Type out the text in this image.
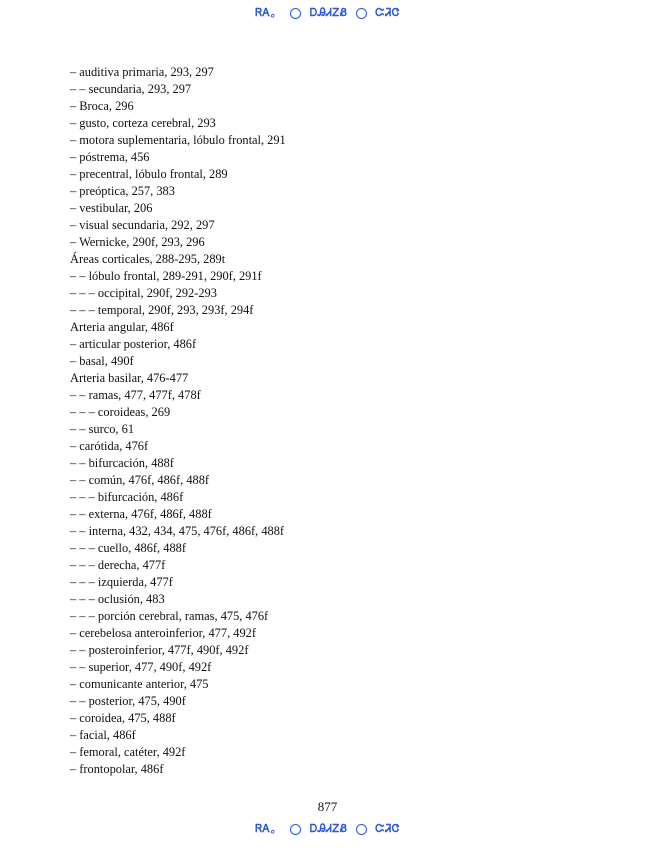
ᏒᎪ。	ᎠᎯᏗᏃᏰ	ᏨᏘᏣ
– auditiva primaria, 293, 297
– – secundaria, 293, 297
– Broca, 296
– gusto, corteza cerebral, 293
– motora suplementaria, lóbulo frontal, 291
– póstrema, 456
– precentral, lóbulo frontal, 289
– preóptica, 257, 383
– vestibular, 206
– visual secundaria, 292, 297
– Wernicke, 290f, 293, 296
Áreas corticales, 288-295, 289t
– – lóbulo frontal, 289-291, 290f, 291f
– – – occipital, 290f, 292-293
– – – temporal, 290f, 293, 293f, 294f
Arteria angular, 486f
– articular posterior, 486f
– basal, 490f
Arteria basilar, 476-477
– – ramas, 477, 477f, 478f
– – – coroideas, 269
– – surco, 61
– carótida, 476f
– – bifurcación, 488f
– – común, 476f, 486f, 488f
– – – bifurcación, 486f
– – externa, 476f, 486f, 488f
– – interna, 432, 434, 475, 476f, 486f, 488f
– – – cuello, 486f, 488f
– – – derecha, 477f
– – – izquierda, 477f
– – – oclusión, 483
– – – porción cerebral, ramas, 475, 476f
– cerebelosa anteroinferior, 477, 492f
– – posteroinferior, 477f, 490f, 492f
– – superior, 477, 490f, 492f
– comunicante anterior, 475
– – posterior, 475, 490f
– coroidea, 475, 488f
– facial, 486f
– femoral, catéter, 492f
– frontopolar, 486f
877
ᏒᎪ。	ᎠᎯᏗᏃᏰ	ᏨᏘᏣ
